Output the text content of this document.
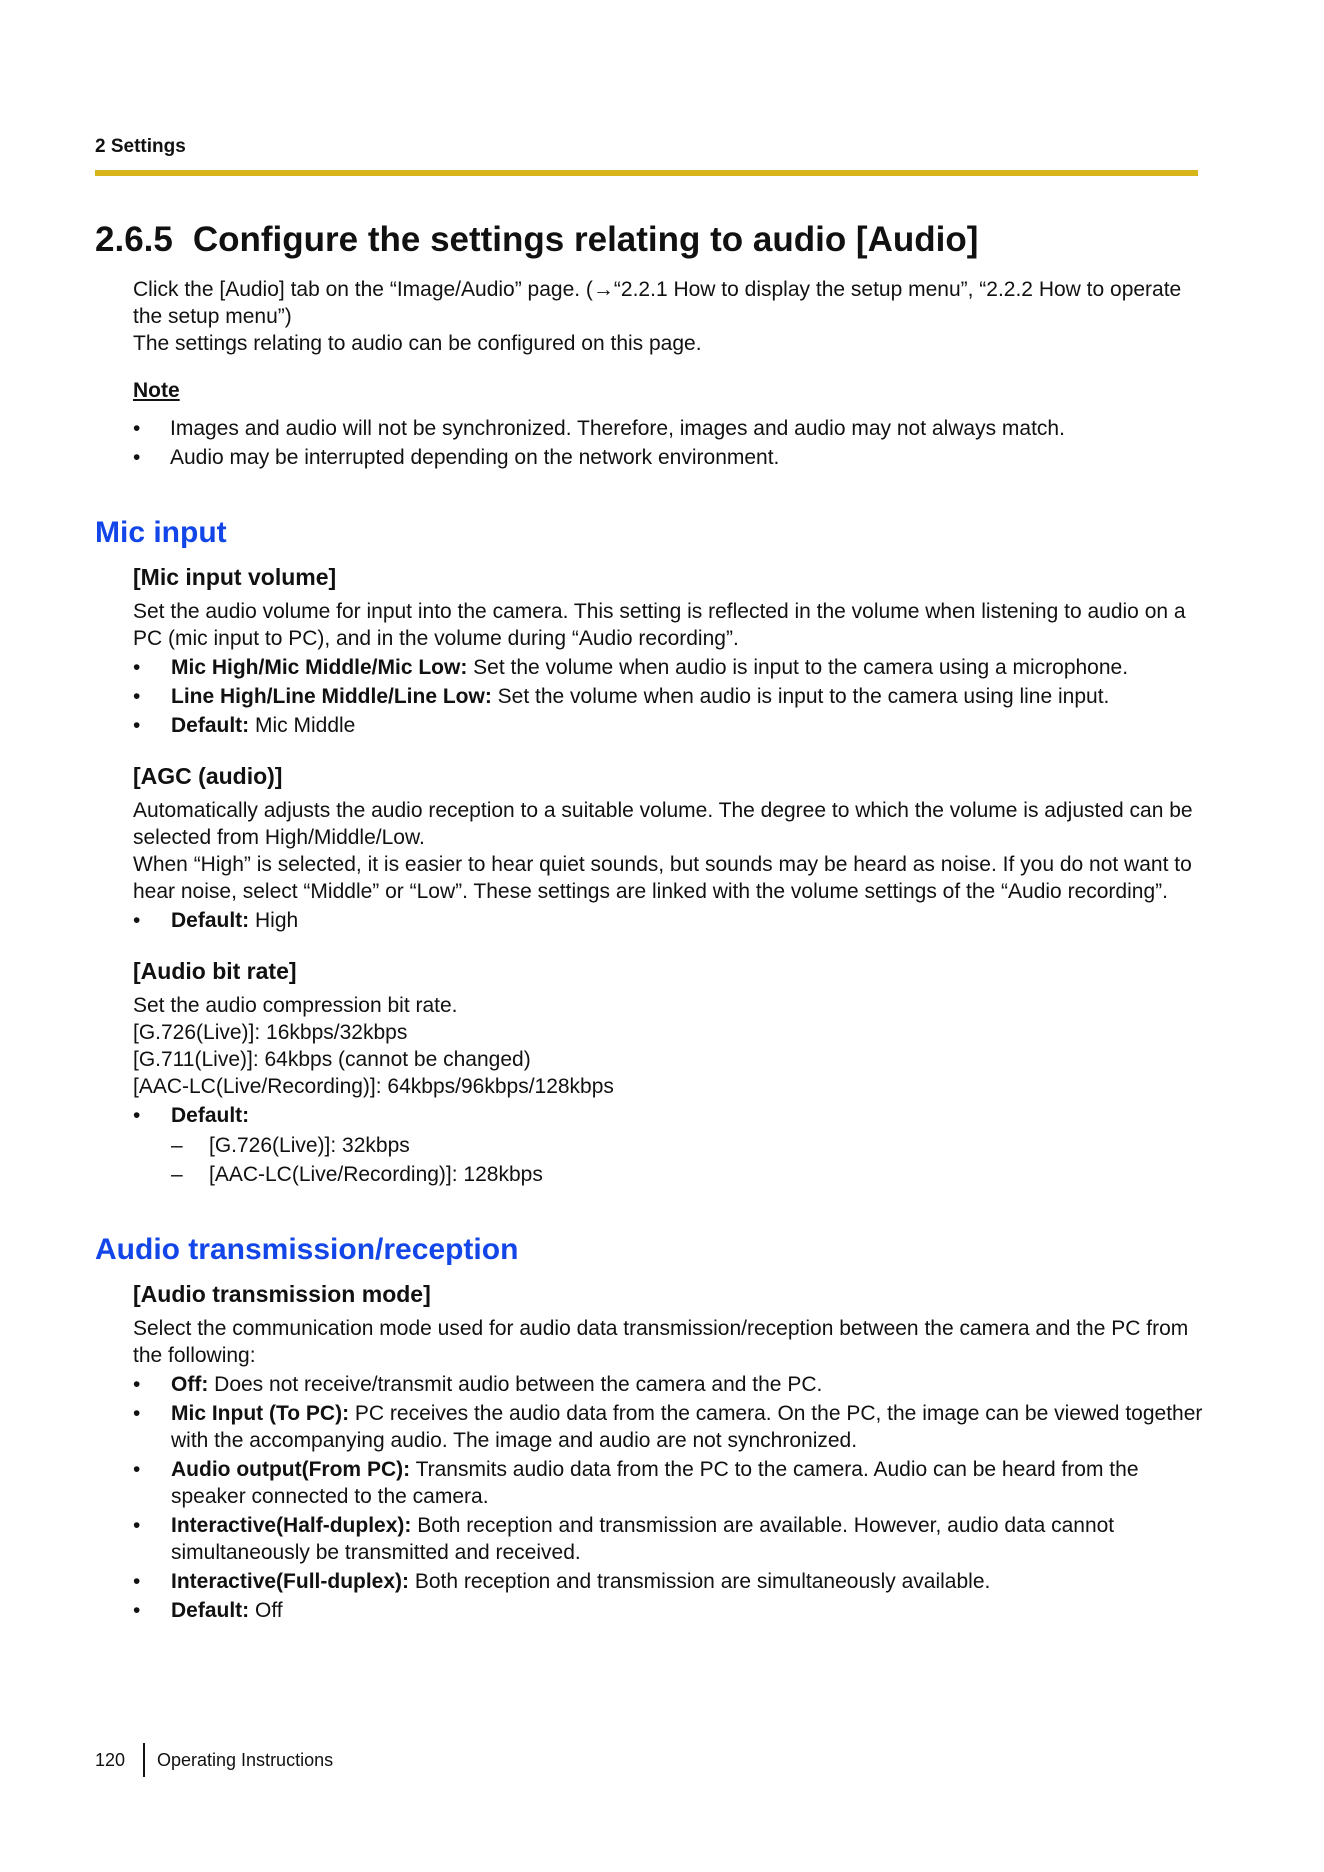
2 Settings
2.6.5 Configure the settings relating to audio [Audio]

Click the [Audio] tab on the “Image/Audio” page. (→“2.2.1 How to display the setup menu”, “2.2.2 How to operate the setup menu”)

The settings relating to audio can be configured on this page.

Note
• Images and audio will not be synchronized. Therefore, images and audio may not always match.
• Audio may be interrupted depending on the network environment.
Mic input
[Mic input volume]

Set the audio volume for input into the camera. This setting is reflected in the volume when listening to audio on a PC (mic input to PC), and in the volume during “Audio recording”.

• Mic High/Mic Middle/Mic Low: Set the volume when audio is input to the camera using a microphone.
• Line High/Line Middle/Line Low: Set the volume when audio is input to the camera using line input.
• Default: Mic Middle
[AGC (audio)]

Automatically adjusts the audio reception to a suitable volume. The degree to which the volume is adjusted can be selected from High/Middle/Low.

When “High” is selected, it is easier to hear quiet sounds, but sounds may be heard as noise. If you do not want to hear noise, select “Middle” or “Low”. These settings are linked with the volume settings of the “Audio recording”.

• Default: High
[Audio bit rate]

Set the audio compression bit rate.

[G.726(Live)]: 16kbps/32kbps

[G.711(Live)]: 64kbps (cannot be changed)

[AAC-LC(Live/Recording)]: 64kbps/96kbps/128kbps

• Default:
– [G.726(Live)]: 32kbps
– [AAC-LC(Live/Recording)]: 128kbps
Audio transmission/reception
[Audio transmission mode]

Select the communication mode used for audio data transmission/reception between the camera and the PC from the following:

• Off: Does not receive/transmit audio between the camera and the PC.
• Mic Input (To PC): PC receives the audio data from the camera. On the PC, the image can be viewed together with the accompanying audio. The image and audio are not synchronized.
• Audio output(From PC): Transmits audio data from the PC to the camera. Audio can be heard from the speaker connected to the camera.
• Interactive(Half-duplex): Both reception and transmission are available. However, audio data cannot simultaneously be transmitted and received.
• Interactive(Full-duplex): Both reception and transmission are simultaneously available.
• Default: Off
120	Operating Instructions
